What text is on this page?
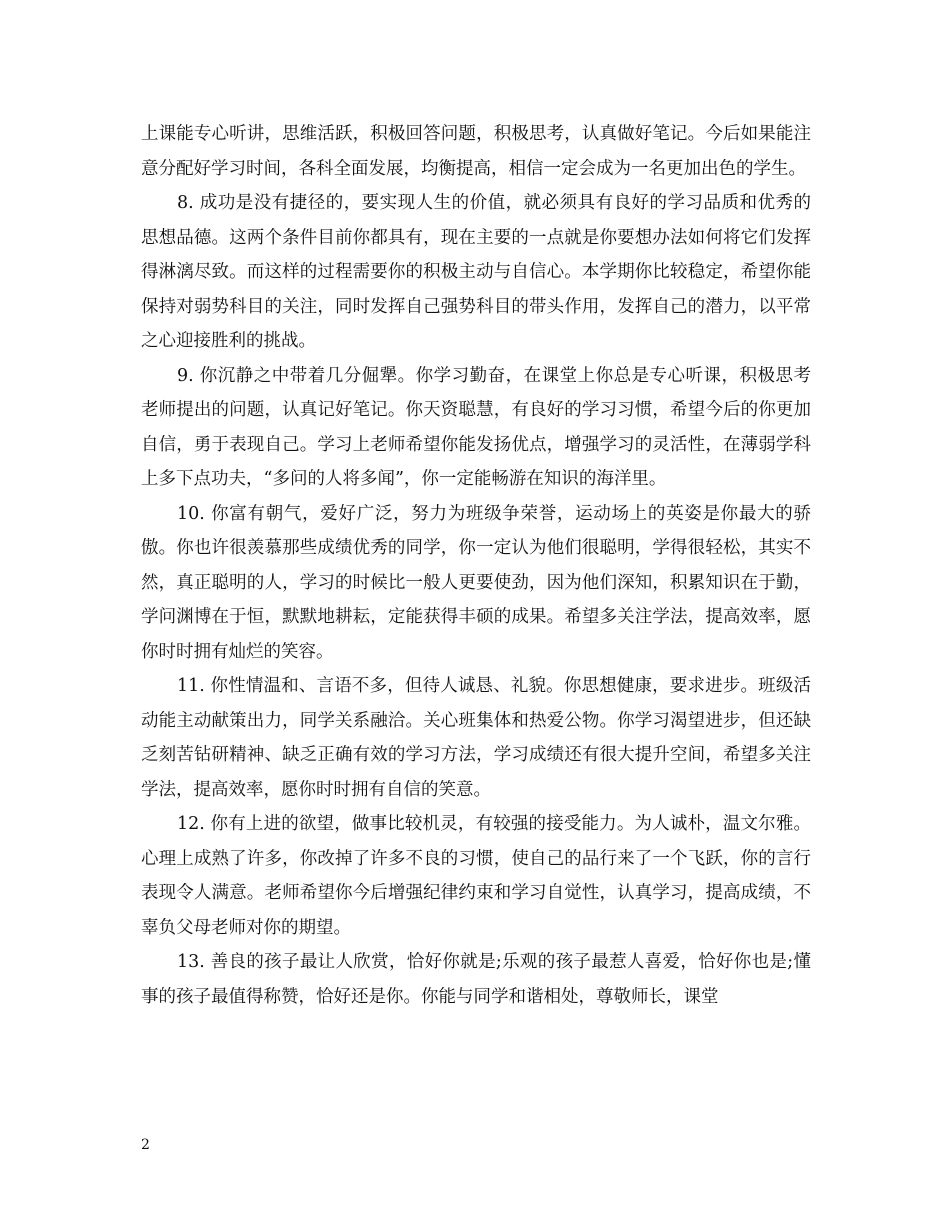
上课能专心听讲，思维活跃，积极回答问题，积极思考，认真做好笔记。今后如果能注意分配好学习时间，各科全面发展，均衡提高，相信一定会成为一名更加出色的学生。

8. 成功是没有捷径的，要实现人生的价值，就必须具有良好的学习品质和优秀的思想品德。这两个条件目前你都具有，现在主要的一点就是你要想办法如何将它们发挥得淋漓尽致。而这样的过程需要你的积极主动与自信心。本学期你比较稳定，希望你能保持对弱势科目的关注，同时发挥自己强势科目的带头作用，发挥自己的潜力，以平常之心迎接胜利的挑战。

9. 你沉静之中带着几分倔犟。你学习勤奋，在课堂上你总是专心听课，积极思考老师提出的问题，认真记好笔记。你天资聪慧，有良好的学习习惯，希望今后的你更加自信，勇于表现自己。学习上老师希望你能发扬优点，增强学习的灵活性，在薄弱学科上多下点功夫，“多问的人将多闻”，你一定能畅游在知识的海洋里。

10. 你富有朝气，爱好广泛，努力为班级争荣誉，运动场上的英姿是你最大的骄傲。你也许很羡慕那些成绩优秀的同学，你一定认为他们很聪明，学得很轻松，其实不然，真正聪明的人，学习的时候比一般人更要使劲，因为他们深知，积累知识在于勤，学问渊博在于恒，默默地耕耘，定能获得丰硕的成果。希望多关注学法，提高效率，愿你时时拥有灿烂的笑容。

11. 你性情温和、言语不多，但待人诚恳、礼貌。你思想健康，要求进步。班级活动能主动献策出力，同学关系融洽。关心班集体和热爱公物。你学习渴望进步，但还缺乏刻苦钻研精神、缺乏正确有效的学习方法，学习成绩还有很大提升空间，希望多关注学法，提高效率，愿你时时拥有自信的笑意。

12. 你有上进的欲望，做事比较机灵，有较强的接受能力。为人诚朴，温文尔雅。心理上成熟了许多，你改掉了许多不良的习惯，使自己的品行来了一个飞跃，你的言行表现令人满意。老师希望你今后增强纪律约束和学习自觉性，认真学习，提高成绩，不辜负父母老师对你的期望。

13. 善良的孩子最让人欣赏，恰好你就是;乐观的孩子最惹人喜爱，恰好你也是;懂事的孩子最值得称赞，恰好还是你。你能与同学和谐相处，尊敬师长，课堂

2
